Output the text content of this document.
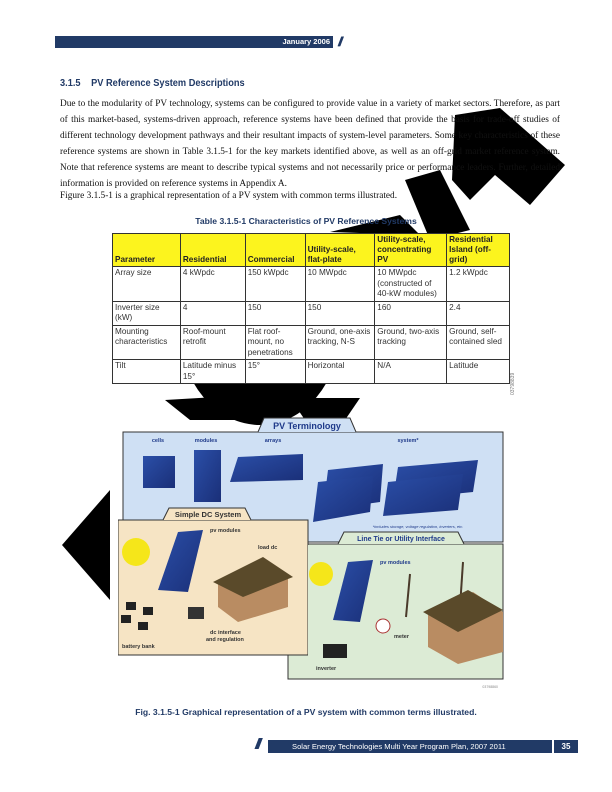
January 2006 ///
3.1.5 PV Reference System Descriptions
Due to the modularity of PV technology, systems can be configured to provide value in a variety of market sectors. Therefore, as part of this market-based, systems-driven approach, reference systems have been defined that provide the basis for trade-off studies of different technology development pathways and their resultant impacts of system-level parameters. Some key characteristics of these reference systems are shown in Table 3.1.5-1 for the key markets identified above, as well as an off-grid market reference system. Note that reference systems are meant to describe typical systems and not necessarily price or performance leaders. Further, detailed information is provided on reference systems in Appendix A.
Figure 3.1.5-1 is a graphical representation of a PV system with common terms illustrated.
Table 3.1.5-1 Characteristics of PV Reference Systems
Parameter	Residential	Commercial	Utility-scale, flat-plate	Utility-scale, concentrating PV	Residential Island (off-grid)
Array size	4 kWpdc	150 kWpdc	10 MWpdc	10 MWpdc (constructed of 40-kW modules)	1.2 kWpdc
Inverter size (kW)	4	150	150	160	2.4
Mounting characteristics	Roof-mount retrofit	Flat roof-mount, no penetrations	Ground, one-axis tracking, N-S	Ground, two-axis tracking	Ground, self-contained sled
Tilt	Latitude minus 15°	15°	Horizontal	N/A	Latitude
03798839
PV Terminology
cells	modules	arrays	system*
*includes storage, voltage regulation, inverters, etc.
Simple DC System
pv modules
load dc
battery bank
dc interface
and regulation
Line Tie or Utility Interface
pv modules
meter
inverter
03798860
Fig. 3.1.5-1 Graphical representation of a PV system with common terms illustrated.
///	Solar Energy Technologies Multi Year Program Plan, 2007 2011	35
